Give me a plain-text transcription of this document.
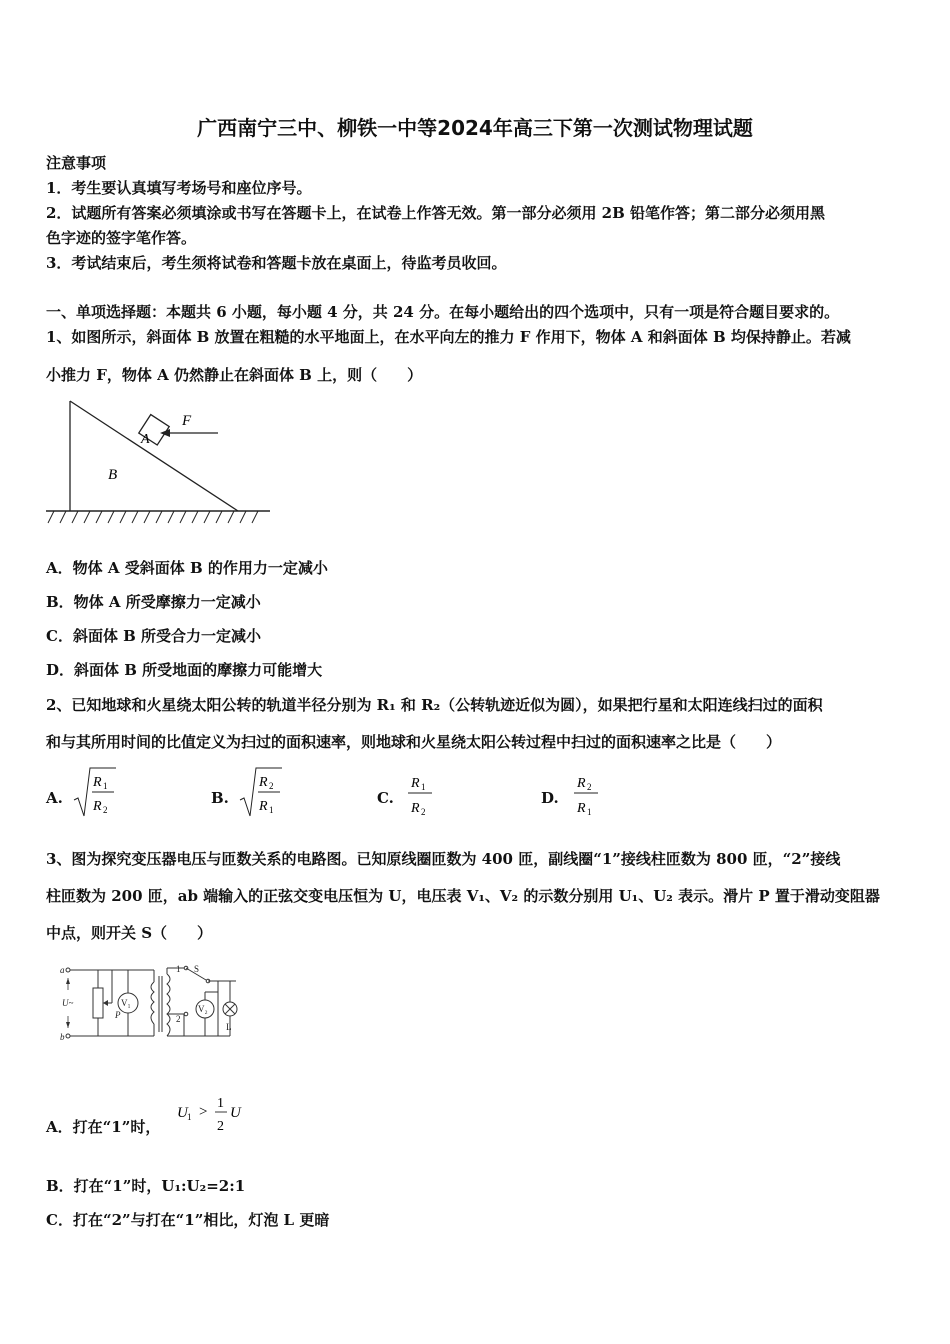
广西南宁三中、柳铁一中等2024年高三下第一次测试物理试题
注意事项
1．考生要认真填写考场号和座位序号。
2．试题所有答案必须填涂或书写在答题卡上，在试卷上作答无效。第一部分必须用 2B 铅笔作答；第二部分必须用黑
色字迹的签字笔作答。
3．考试结束后，考生须将试卷和答题卡放在桌面上，待监考员收回。
一、单项选择题：本题共 6 小题，每小题 4 分，共 24 分。在每小题给出的四个选项中，只有一项是符合题目要求的。
1、如图所示，斜面体 B 放置在粗糙的水平地面上，在水平向左的推力 F 作用下，物体 A 和斜面体 B 均保持静止。若减
小推力 F，物体 A 仍然静止在斜面体 B 上，则（　　）
A
F
B
A．物体 A 受斜面体 B 的作用力一定减小
B．物体 A 所受摩擦力一定减小
C．斜面体 B 所受合力一定减小
D．斜面体 B 所受地面的摩擦力可能增大
2、已知地球和火星绕太阳公转的轨道半径分别为 R₁ 和 R₂（公转轨迹近似为圆），如果把行星和太阳连线扫过的面积
和与其所用时间的比值定义为扫过的面积速率，则地球和火星绕太阳公转过程中扫过的面积速率之比是（　　）
A.
R 1
R 2
B.
R 2
R 1
C.
R 1
R 2
D.
R 2
R 1
3、图为探究变压器电压与匝数关系的电路图。已知原线圈匝数为 400 匝，副线圈“1”接线柱匝数为 800 匝，“2”接线
柱匝数为 200 匝，ab 端输入的正弦交变电压恒为 U，电压表 V₁、V₂ 的示数分别用 U₁、U₂ 表示。滑片 P 置于滑动变阻器
中点，则开关 S（　　）
a
b
U~
P
V₁
V₂
1
2
S
L
A．打在“1”时，
U 1 >
1
2
U
B．打在“1”时，U₁:U₂=2:1
C．打在“2”与打在“1”相比，灯泡 L 更暗
